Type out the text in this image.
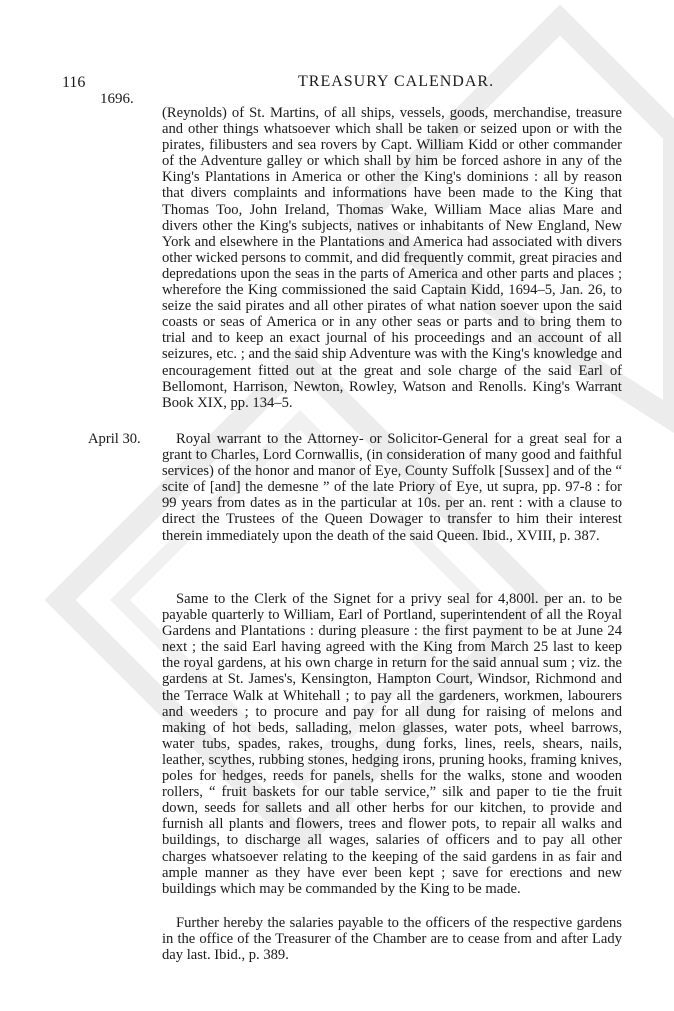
116	TREASURY CALENDAR.
1696.
(Reynolds) of St. Martins, of all ships, vessels, goods, merchandise, treasure and other things whatsoever which shall be taken or seized upon or with the pirates, filibusters and sea rovers by Capt. William Kidd or other commander of the Adventure galley or which shall by him be forced ashore in any of the King's Plantations in America or other the King's dominions : all by reason that divers complaints and informations have been made to the King that Thomas Too, John Ireland, Thomas Wake, William Mace alias Mare and divers other the King's subjects, natives or inhabitants of New England, New York and elsewhere in the Plantations and America had associated with divers other wicked persons to commit, and did frequently commit, great piracies and depredations upon the seas in the parts of America and other parts and places ; wherefore the King commissioned the said Captain Kidd, 1694–5, Jan. 26, to seize the said pirates and all other pirates of what nation soever upon the said coasts or seas of America or in any other seas or parts and to bring them to trial and to keep an exact journal of his proceedings and an account of all seizures, etc. ; and the said ship Adventure was with the King's knowledge and encouragement fitted out at the great and sole charge of the said Earl of Bellomont, Harrison, Newton, Rowley, Watson and Renolls. King's Warrant Book XIX, pp. 134–5.
April 30.	Royal warrant to the Attorney- or Solicitor-General for a great seal for a grant to Charles, Lord Cornwallis, (in consideration of many good and faithful services) of the honor and manor of Eye, County Suffolk [Sussex] and of the “ scite of [and] the demesne ” of the late Priory of Eye, ut supra, pp. 97-8 : for 99 years from dates as in the particular at 10s. per an. rent : with a clause to direct the Trustees of the Queen Dowager to transfer to him their interest therein immediately upon the death of the said Queen. Ibid., XVIII, p. 387.
Same to the Clerk of the Signet for a privy seal for 4,800l. per an. to be payable quarterly to William, Earl of Portland, superintendent of all the Royal Gardens and Plantations : during pleasure : the first payment to be at June 24 next ; the said Earl having agreed with the King from March 25 last to keep the royal gardens, at his own charge in return for the said annual sum ; viz. the gardens at St. James's, Kensington, Hampton Court, Windsor, Richmond and the Terrace Walk at Whitehall ; to pay all the gardeners, workmen, labourers and weeders ; to procure and pay for all dung for raising of melons and making of hot beds, sallading, melon glasses, water pots, wheel barrows, water tubs, spades, rakes, troughs, dung forks, lines, reels, shears, nails, leather, scythes, rubbing stones, hedging irons, pruning hooks, framing knives, poles for hedges, reeds for panels, shells for the walks, stone and wooden rollers, “ fruit baskets for our table service,” silk and paper to tie the fruit down, seeds for sallets and all other herbs for our kitchen, to provide and furnish all plants and flowers, trees and flower pots, to repair all walks and buildings, to discharge all wages, salaries of officers and to pay all other charges whatsoever relating to the keeping of the said gardens in as fair and ample manner as they have ever been kept ; save for erections and new buildings which may be commanded by the King to be made.
Further hereby the salaries payable to the officers of the respective gardens in the office of the Treasurer of the Chamber are to cease from and after Lady day last. Ibid., p. 389.
